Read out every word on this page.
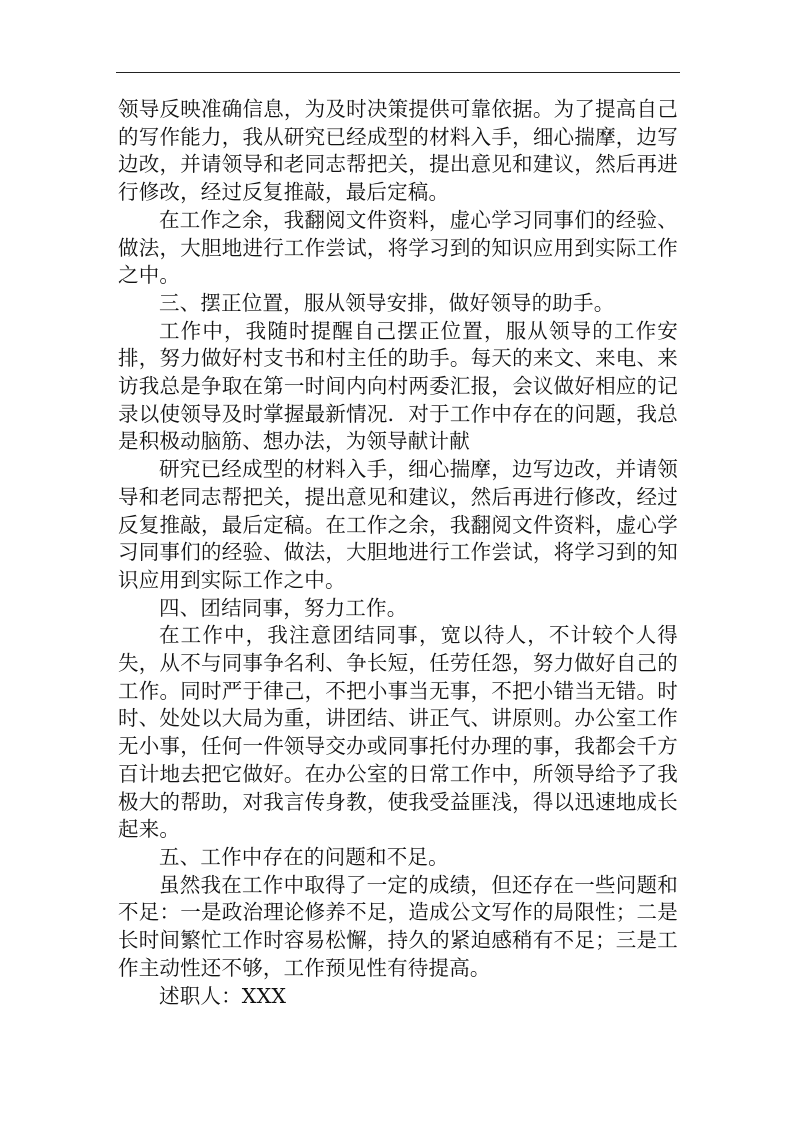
领导反映准确信息，为及时决策提供可靠依据。为了提高自己的写作能力，我从研究已经成型的材料入手，细心揣摩，边写边改，并请领导和老同志帮把关，提出意见和建议，然后再进行修改，经过反复推敲，最后定稿。

在工作之余，我翻阅文件资料，虚心学习同事们的经验、做法，大胆地进行工作尝试，将学习到的知识应用到实际工作之中。

三、摆正位置，服从领导安排，做好领导的助手。

工作中，我随时提醒自己摆正位置，服从领导的工作安排，努力做好村支书和村主任的助手。每天的来文、来电、来访我总是争取在第一时间内向村两委汇报，会议做好相应的记录以使领导及时掌握最新情况．对于工作中存在的问题，我总是积极动脑筋、想办法，为领导献计献

研究已经成型的材料入手，细心揣摩，边写边改，并请领导和老同志帮把关，提出意见和建议，然后再进行修改，经过反复推敲，最后定稿。在工作之余，我翻阅文件资料，虚心学习同事们的经验、做法，大胆地进行工作尝试，将学习到的知识应用到实际工作之中。

四、团结同事，努力工作。

在工作中，我注意团结同事，宽以待人，不计较个人得失，从不与同事争名利、争长短，任劳任怨，努力做好自己的工作。同时严于律己，不把小事当无事，不把小错当无错。时时、处处以大局为重，讲团结、讲正气、讲原则。办公室工作无小事，任何一件领导交办或同事托付办理的事，我都会千方百计地去把它做好。在办公室的日常工作中，所领导给予了我极大的帮助，对我言传身教，使我受益匪浅，得以迅速地成长起来。

五、工作中存在的问题和不足。

虽然我在工作中取得了一定的成绩，但还存在一些问题和不足：一是政治理论修养不足，造成公文写作的局限性；二是长时间繁忙工作时容易松懈，持久的紧迫感稍有不足；三是工作主动性还不够，工作预见性有待提高。

述职人：XXX
